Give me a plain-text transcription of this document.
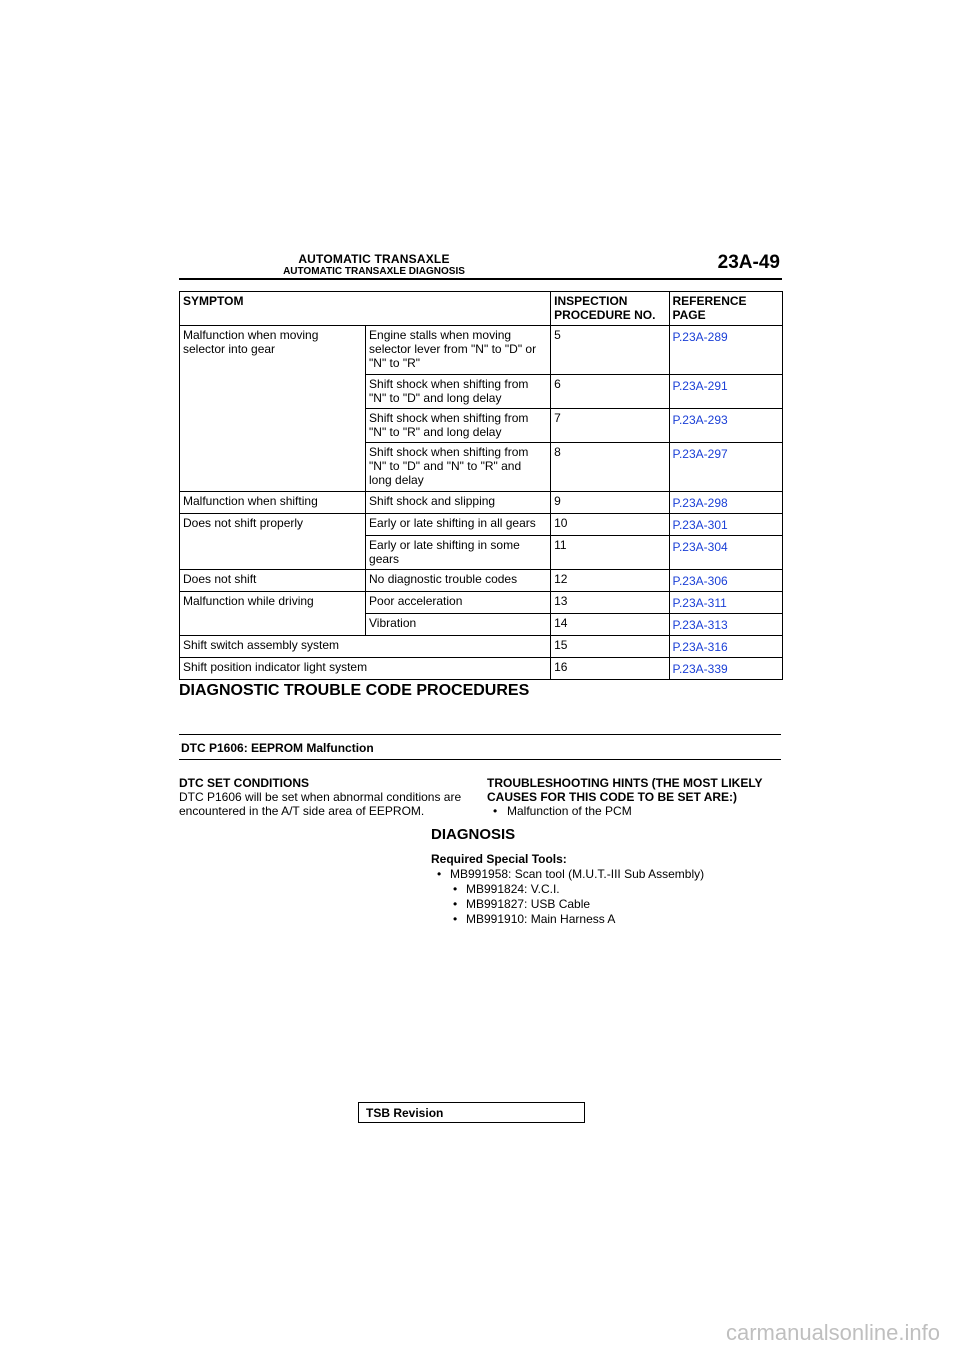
AUTOMATIC TRANSAXLE
AUTOMATIC TRANSAXLE DIAGNOSIS	23A-49
SYMPTOM		INSPECTION PROCEDURE NO.	REFERENCE PAGE
Malfunction when moving selector into gear	Engine stalls when moving selector lever from "N" to "D" or "N" to "R"	5	P.23A-289
	Shift shock when shifting from "N" to "D" and long delay	6	P.23A-291
	Shift shock when shifting from "N" to "R" and long delay	7	P.23A-293
	Shift shock when shifting from "N" to "D" and "N" to "R" and long delay	8	P.23A-297
Malfunction when shifting	Shift shock and slipping	9	P.23A-298
Does not shift properly	Early or late shifting in all gears	10	P.23A-301
	Early or late shifting in some gears	11	P.23A-304
Does not shift	No diagnostic trouble codes	12	P.23A-306
Malfunction while driving	Poor acceleration	13	P.23A-311
	Vibration	14	P.23A-313
Shift switch assembly system		15	P.23A-316
Shift position indicator light system		16	P.23A-339
DIAGNOSTIC TROUBLE CODE PROCEDURES
DTC P1606: EEPROM Malfunction
DTC SET CONDITIONS
DTC P1606 will be set when abnormal conditions are encountered in the A/T side area of EEPROM.
TROUBLESHOOTING HINTS (THE MOST LIKELY CAUSES FOR THIS CODE TO BE SET ARE:)
• Malfunction of the PCM
DIAGNOSIS
Required Special Tools:
• MB991958: Scan tool (M.U.T.-III Sub Assembly)
• MB991824: V.C.I.
• MB991827: USB Cable
• MB991910: Main Harness A
TSB Revision
carmanualsonline.info
